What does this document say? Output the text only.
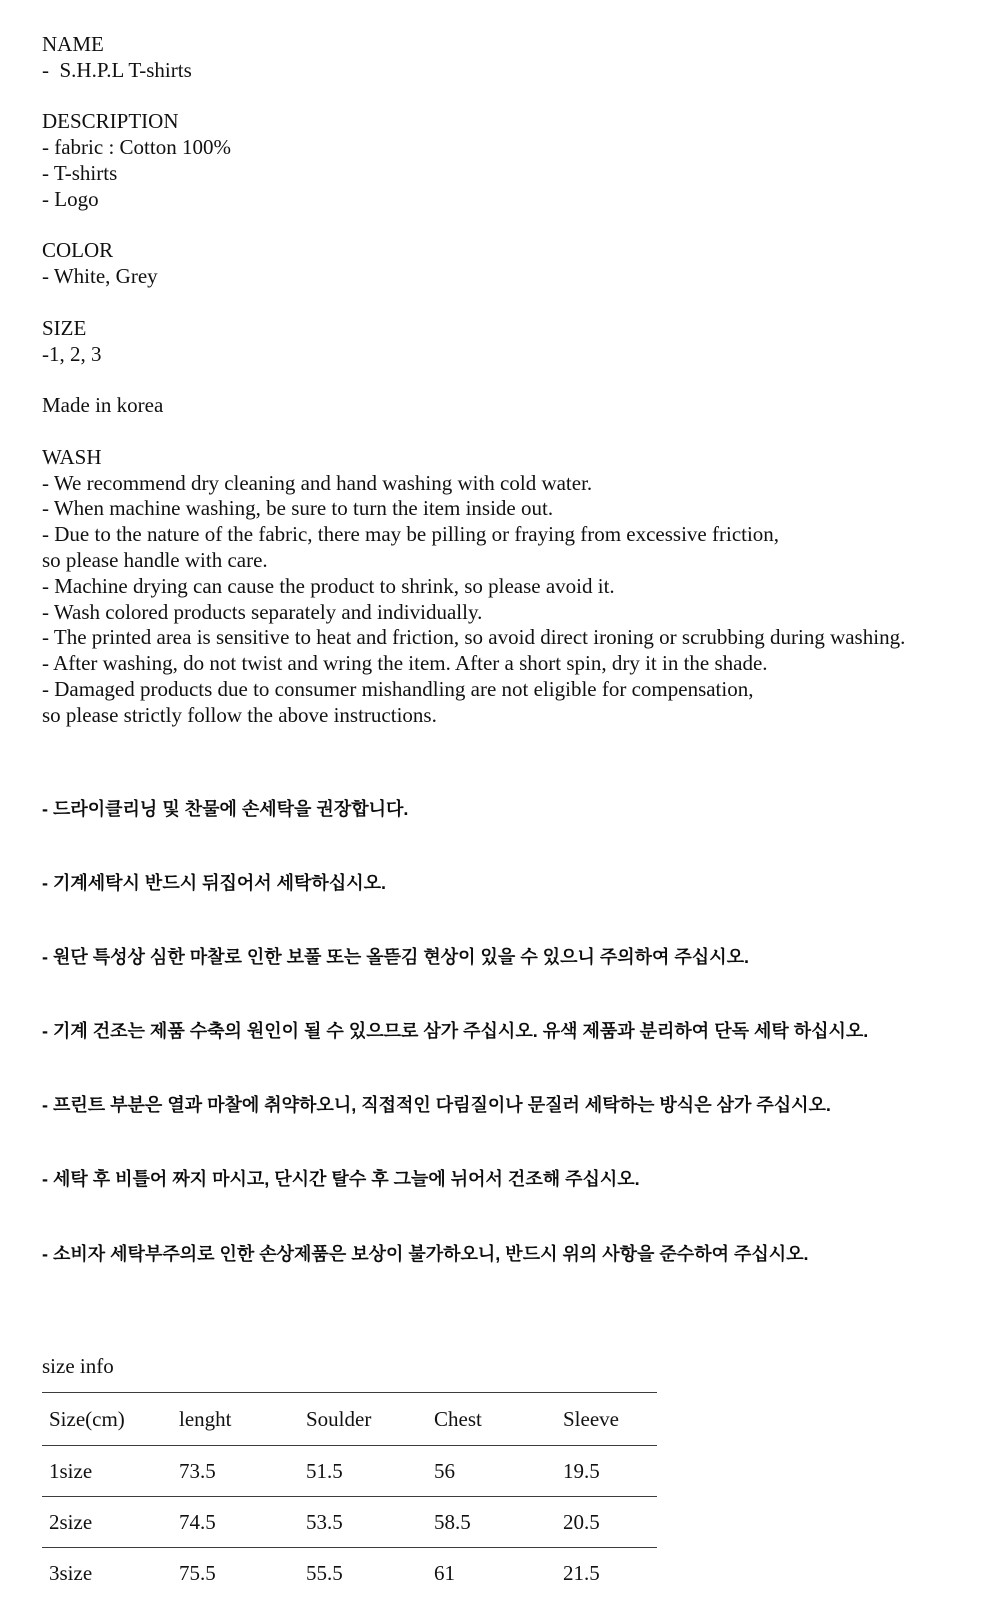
NAME
-  S.H.P.L T-shirts
DESCRIPTION
- fabric : Cotton 100%
- T-shirts
- Logo
COLOR
- White, Grey
SIZE
-1, 2, 3
Made in korea
WASH
- We recommend dry cleaning and hand washing with cold water.
- When machine washing, be sure to turn the item inside out.
- Due to the nature of the fabric, there may be pilling or fraying from excessive friction,
so please handle with care.
- Machine drying can cause the product to shrink, so please avoid it.
- Wash colored products separately and individually.
- The printed area is sensitive to heat and friction, so avoid direct ironing or scrubbing during washing.
- After washing, do not twist and wring the item. After a short spin, dry it in the shade.
- Damaged products due to consumer mishandling are not eligible for compensation,
so please strictly follow the above instructions.

- 드라이클리닝 및 찬물에 손세탁을 권장합니다.

- 기계세탁시 반드시 뒤집어서 세탁하십시오.

- 원단 특성상 심한 마찰로 인한 보풀 또는 올뜯김 현상이 있을 수 있으니 주의하여 주십시오.

- 기계 건조는 제품 수축의 원인이 될 수 있으므로 삼가 주십시오. 유색 제품과 분리하여 단독 세탁 하십시오.

- 프린트 부분은 열과 마찰에 취약하오니, 직접적인 다림질이나 문질러 세탁하는 방식은 삼가 주십시오.

- 세탁 후 비틀어 짜지 마시고, 단시간 탈수 후 그늘에 뉘어서 건조해 주십시오.

- 소비자 세탁부주의로 인한 손상제품은 보상이 불가하오니, 반드시 위의 사항을 준수하여 주십시오.

size info
Size(cm)	lenght	Soulder	Chest	Sleeve
1size	73.5	51.5	56	19.5
2size	74.5	53.5	58.5	20.5
3size	75.5	55.5	61	21.5
